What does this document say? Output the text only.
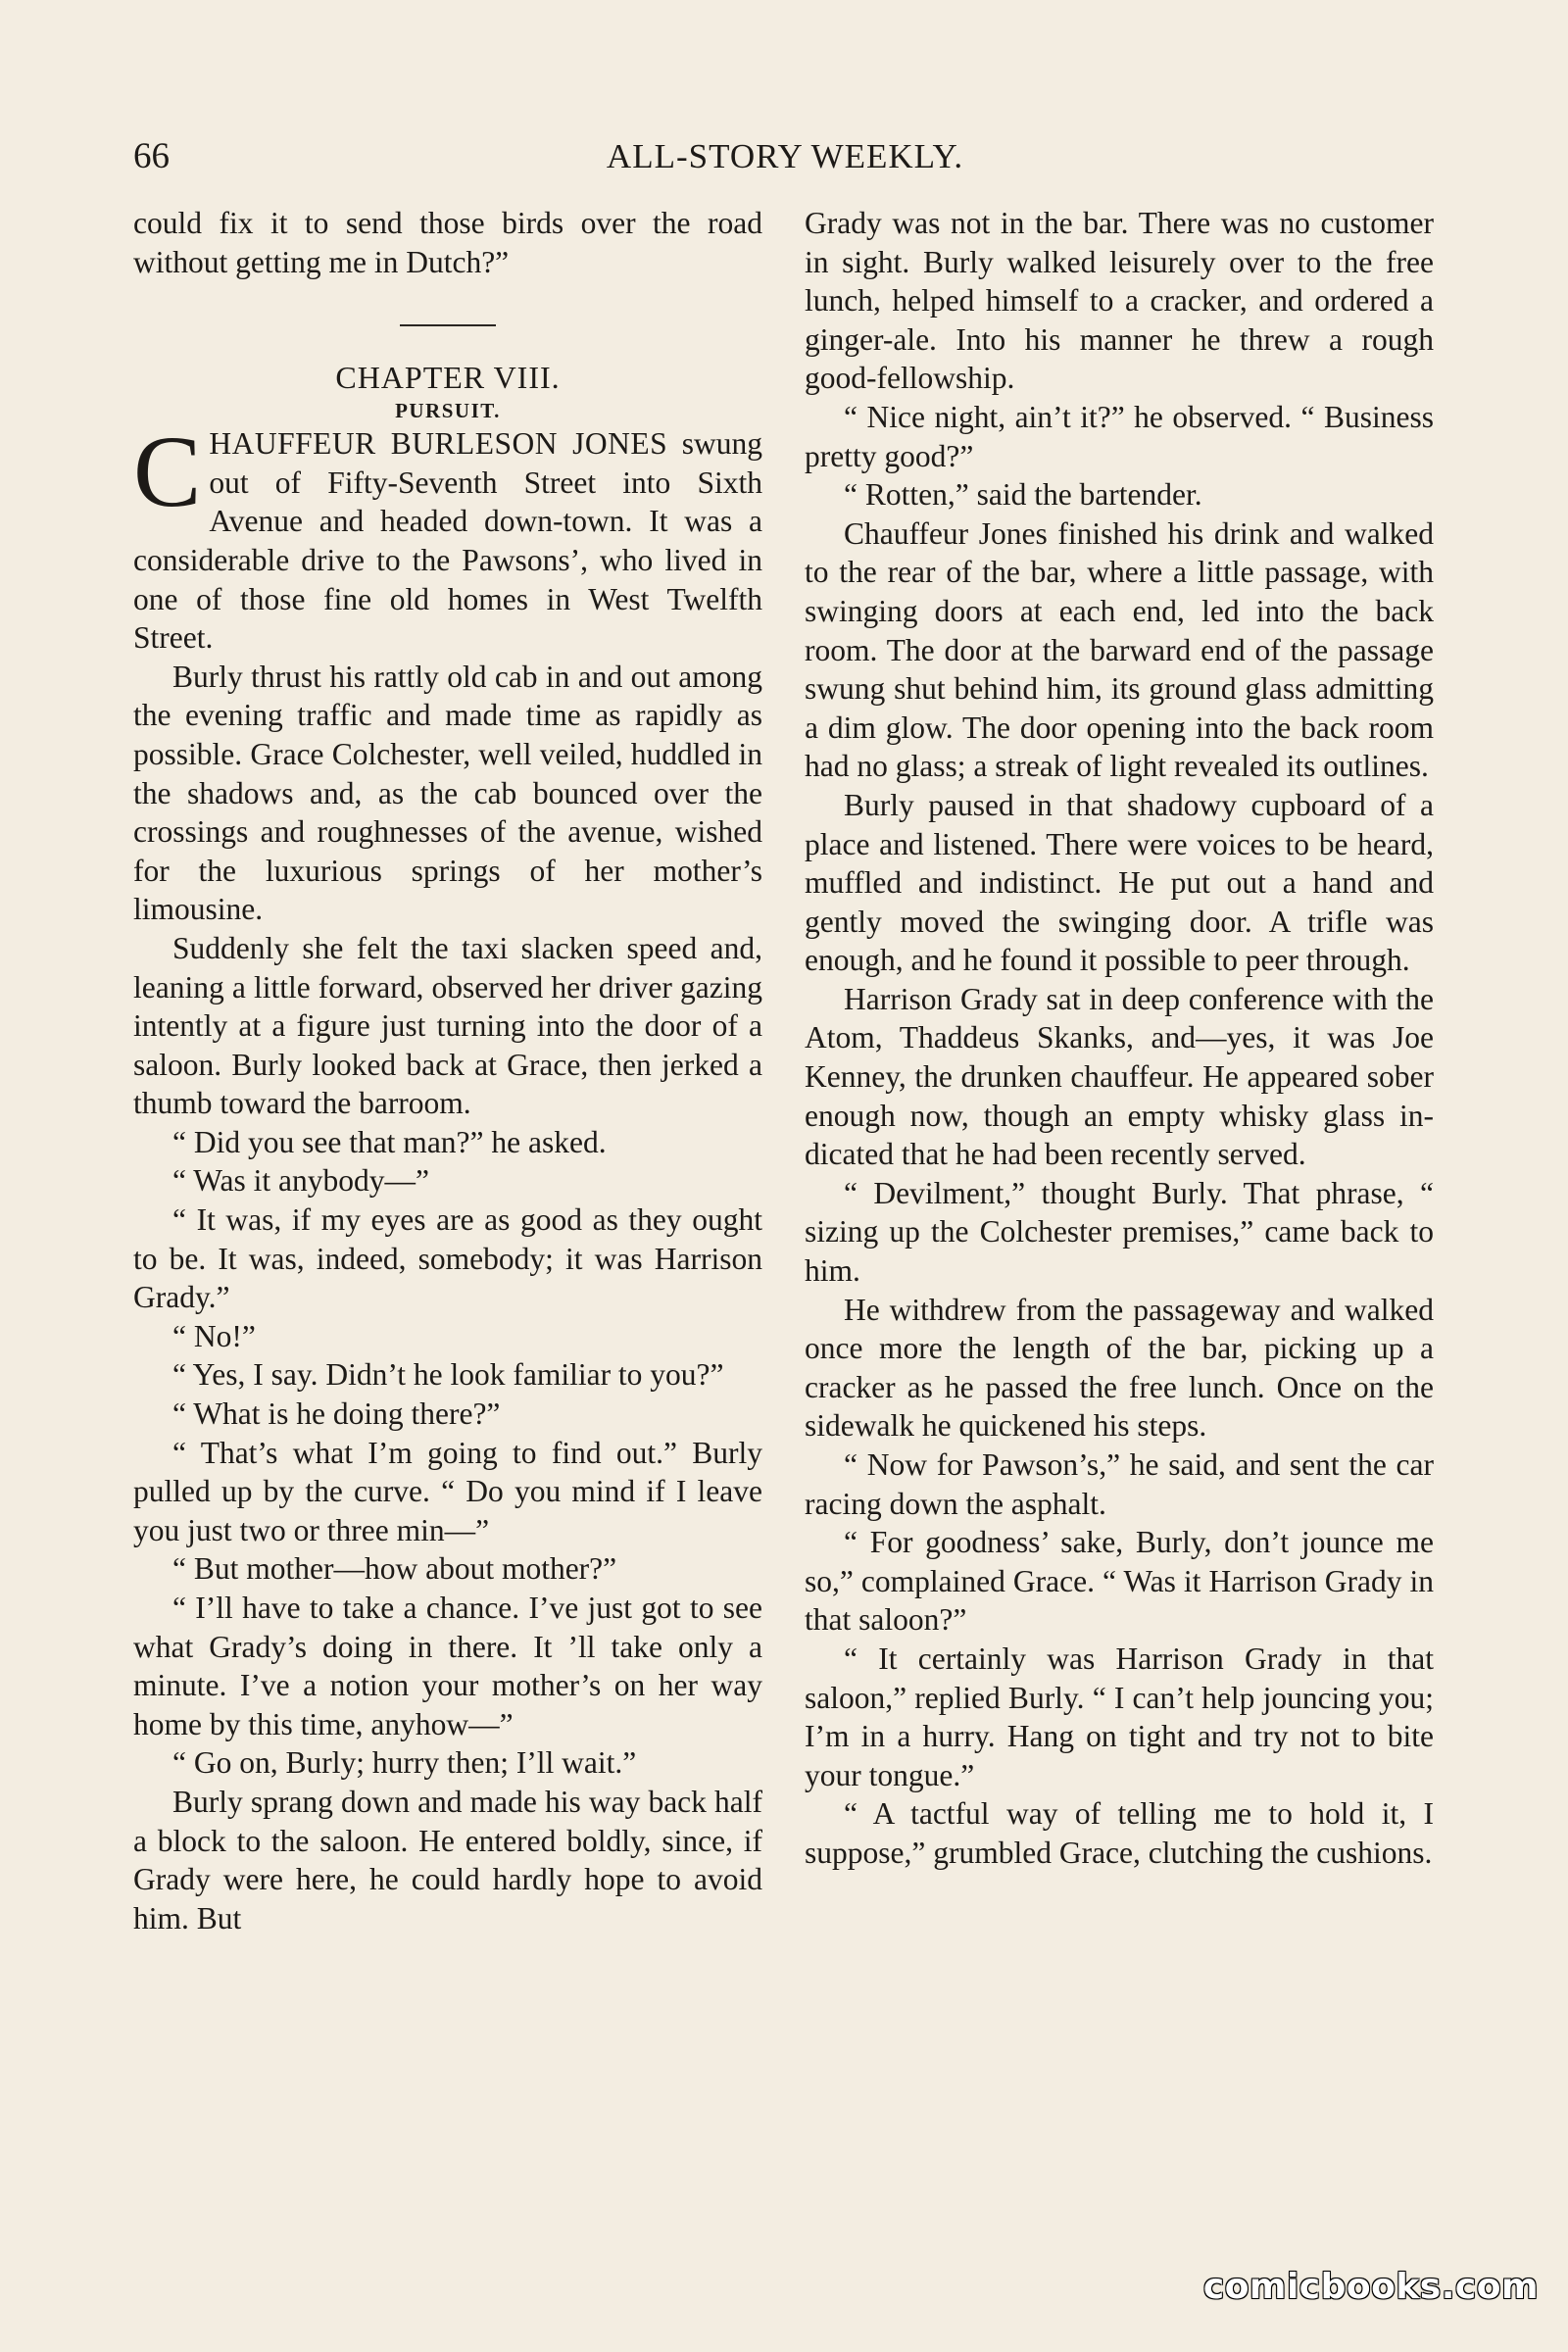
66	ALL-STORY WEEKLY.

could fix it to send those birds over the road without getting me in Dutch?”

CHAPTER VIII.

PURSUIT.

CHAUFFEUR BURLESON JONES swung out of Fifty-Seventh Street into Sixth Avenue and headed down-town. It was a considerable drive to the Pawsons’, who lived in one of those fine old homes in West Twelfth Street.

Burly thrust his rattly old cab in and out among the evening traffic and made time as rapidly as possible. Grace Colchester, well veiled, huddled in the shadows and, as the cab bounced over the crossings and roughnesses of the avenue, wished for the luxurious springs of her mother’s limousine.

Suddenly she felt the taxi slacken speed and, leaning a little forward, observed her driver gazing intently at a figure just turning into the door of a saloon. Burly looked back at Grace, then jerked a thumb toward the barroom.

“ Did you see that man?” he asked.

“ Was it anybody—”

“ It was, if my eyes are as good as they ought to be. It was, indeed, somebody; it was Harrison Grady.”

“ No!”

“ Yes, I say. Didn’t he look familiar to you?”

“ What is he doing there?”

“ That’s what I’m going to find out.” Burly pulled up by the curve. “ Do you mind if I leave you just two or three min—”

“ But mother—how about mother?”

“ I’ll have to take a chance. I’ve just got to see what Grady’s doing in there. It ’ll take only a minute. I’ve a notion your mother’s on her way home by this time, anyhow—”

“ Go on, Burly; hurry then; I’ll wait.”

Burly sprang down and made his way back half a block to the saloon. He entered boldly, since, if Grady were here, he could hardly hope to avoid him. But

Grady was not in the bar. There was no customer in sight. Burly walked leisurely over to the free lunch, helped himself to a cracker, and ordered a ginger-ale. Into his manner he threw a rough good-fellowship.

“ Nice night, ain’t it?” he observed. “ Business pretty good?”

“ Rotten,” said the bartender.

Chauffeur Jones finished his drink and walked to the rear of the bar, where a little passage, with swinging doors at each end, led into the back room. The door at the barward end of the passage swung shut behind him, its ground glass admitting a dim glow. The door opening into the back room had no glass; a streak of light revealed its outlines.

Burly paused in that shadowy cupboard of a place and listened. There were voices to be heard, muffled and indistinct. He put out a hand and gently moved the swinging door. A trifle was enough, and he found it possible to peer through.

Harrison Grady sat in deep conference with the Atom, Thaddeus Skanks, and—yes, it was Joe Kenney, the drunken chauffeur. He appeared sober enough now, though an empty whisky glass indicated that he had been recently served.

“ Devilment,” thought Burly. That phrase, “ sizing up the Colchester premises,” came back to him.

He withdrew from the passageway and walked once more the length of the bar, picking up a cracker as he passed the free lunch. Once on the sidewalk he quickened his steps.

“ Now for Pawson’s,” he said, and sent the car racing down the asphalt.

“ For goodness’ sake, Burly, don’t jounce me so,” complained Grace. “ Was it Harrison Grady in that saloon?”

“ It certainly was Harrison Grady in that saloon,” replied Burly. “ I can’t help jouncing you; I’m in a hurry. Hang on tight and try not to bite your tongue.”

“ A tactful way of telling me to hold it, I suppose,” grumbled Grace, clutching the cushions.

comicbooks.com
